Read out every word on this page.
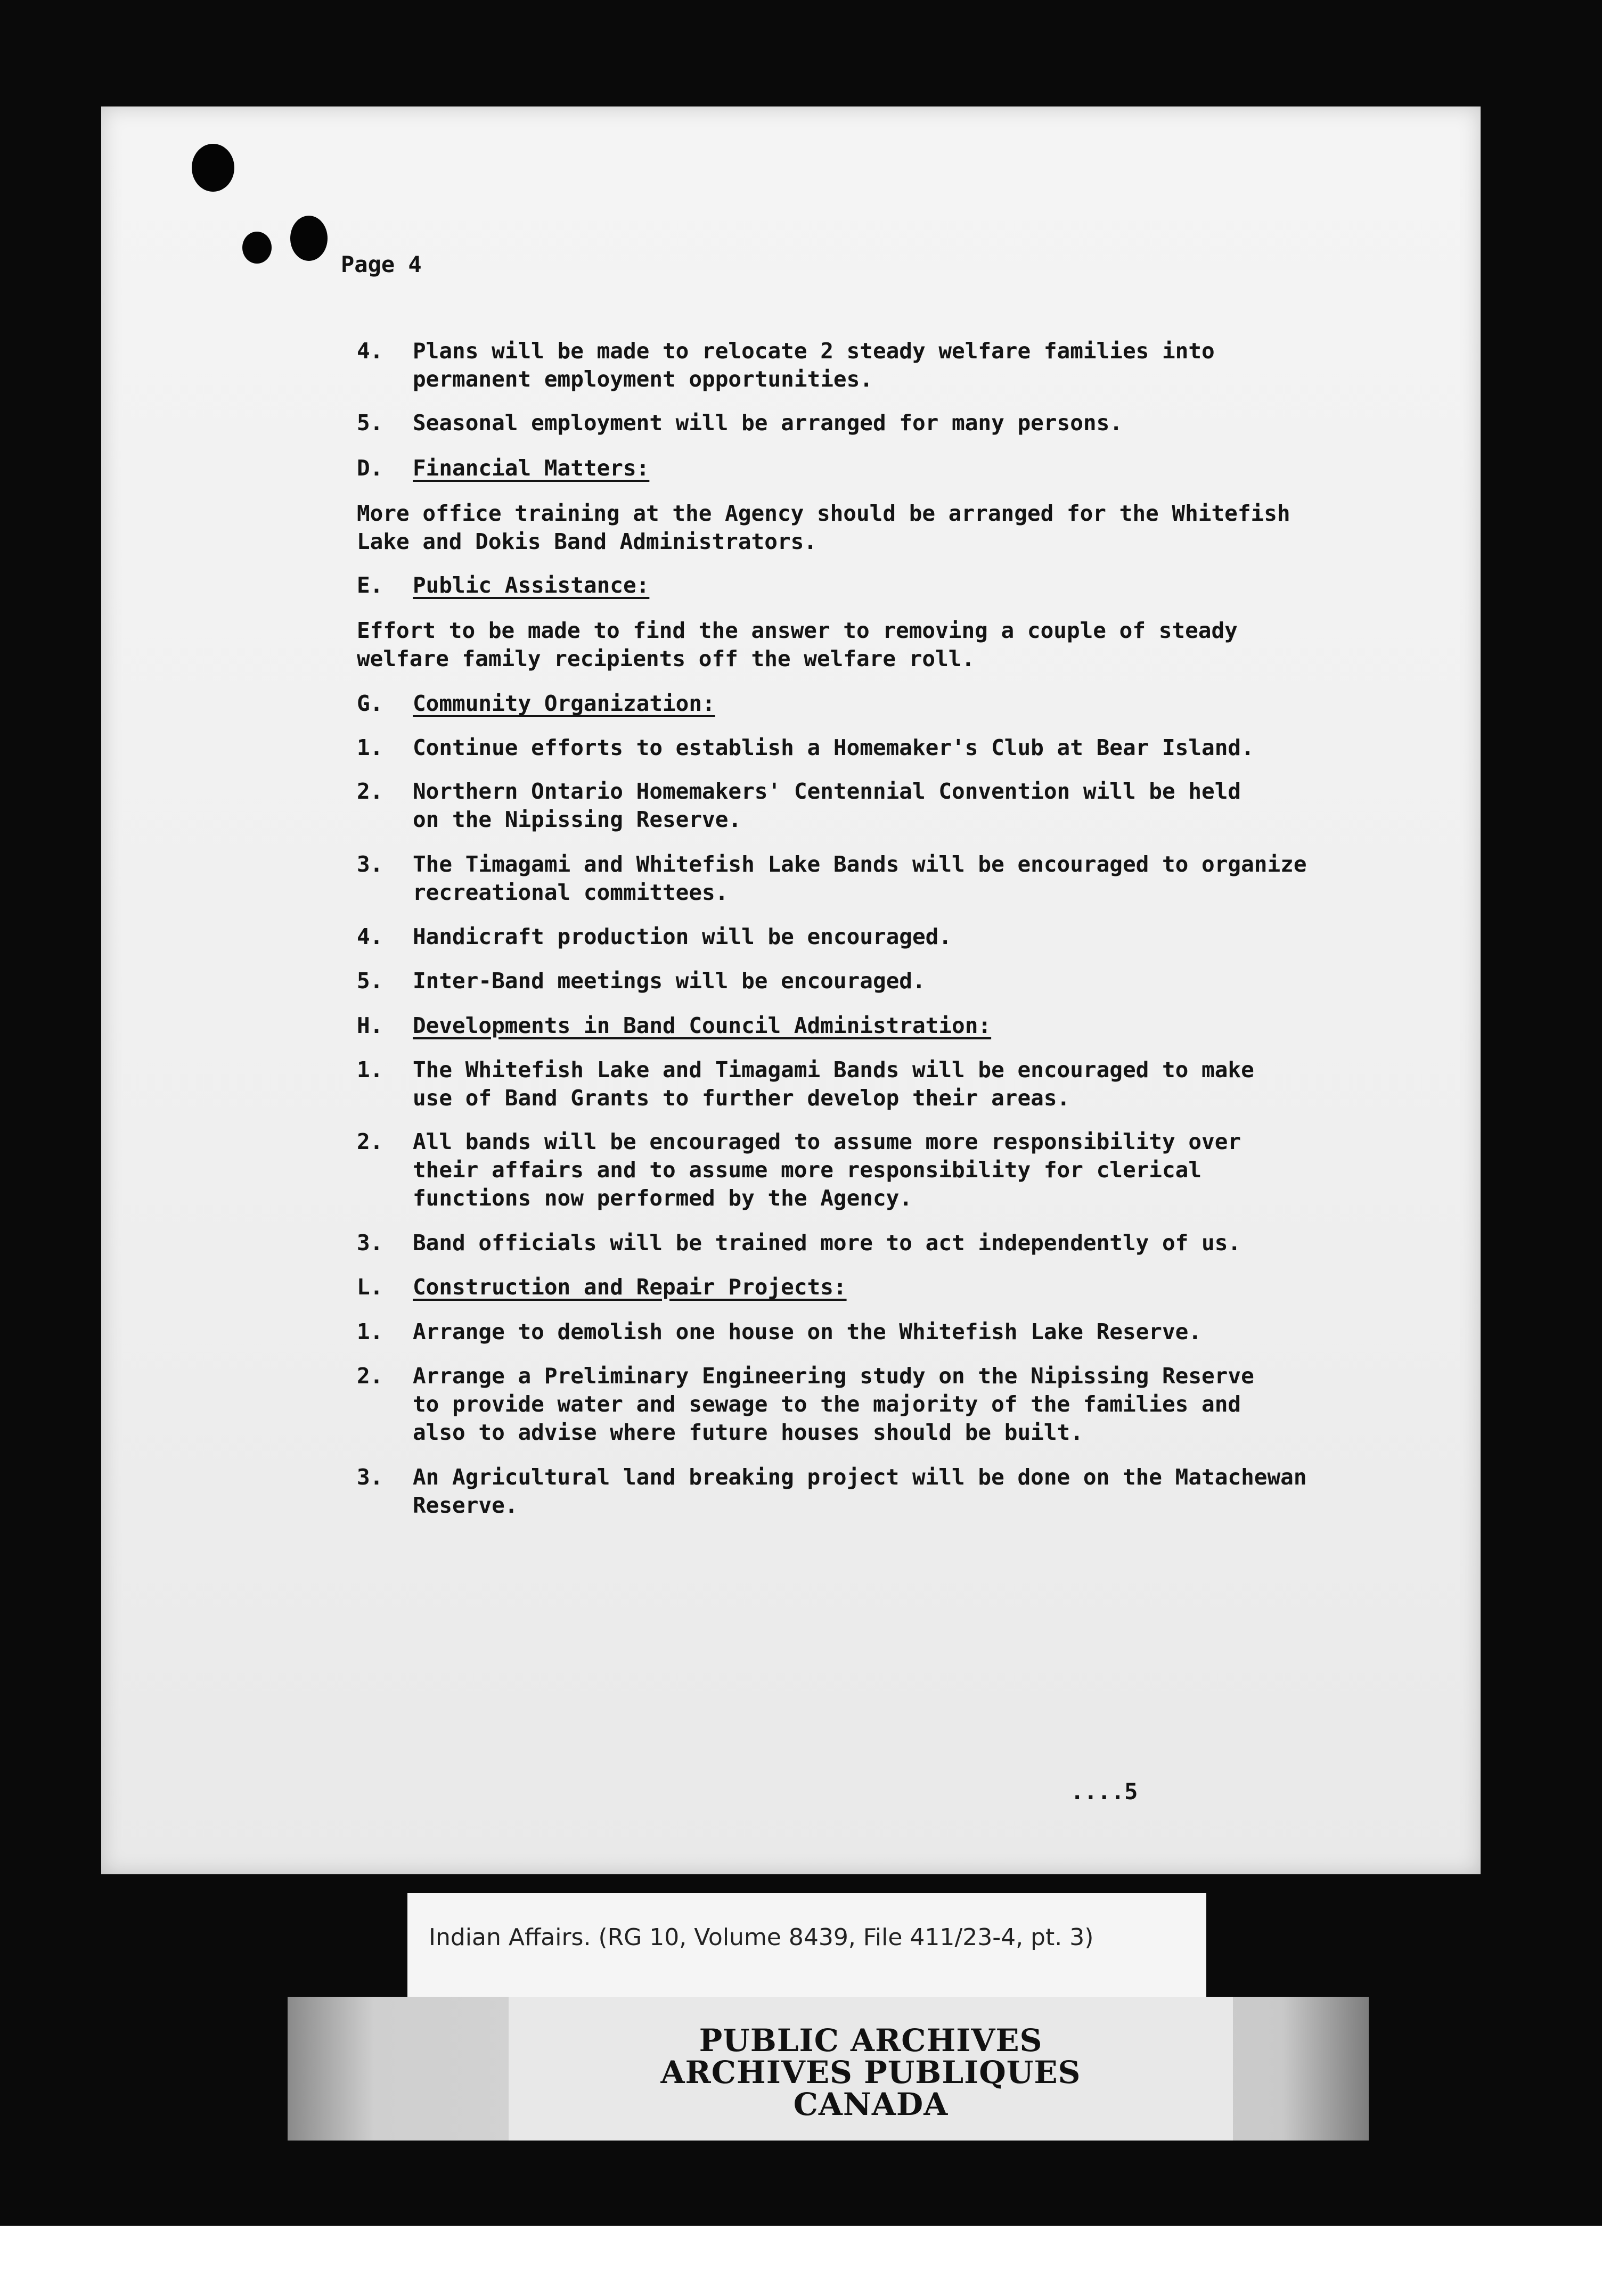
Page 4
4. Plans will be made to relocate 2 steady welfare families into
permanent employment opportunities.
5. Seasonal employment will be arranged for many persons.
D. Financial Matters:
More office training at the Agency should be arranged for the Whitefish
Lake and Dokis Band Administrators.
E. Public Assistance:
Effort to be made to find the answer to removing a couple of steady
welfare family recipients off the welfare roll.
G. Community Organization:
1. Continue efforts to establish a Homemaker's Club at Bear Island.
2. Northern Ontario Homemakers' Centennial Convention will be held
on the Nipissing Reserve.
3. The Timagami and Whitefish Lake Bands will be encouraged to organize
recreational committees.
4. Handicraft production will be encouraged.
5. Inter-Band meetings will be encouraged.
H. Developments in Band Council Administration:
1. The Whitefish Lake and Timagami Bands will be encouraged to make
use of Band Grants to further develop their areas.
2. All bands will be encouraged to assume more responsibility over
their affairs and to assume more responsibility for clerical
functions now performed by the Agency.
3. Band officials will be trained more to act independently of us.
L. Construction and Repair Projects:
1. Arrange to demolish one house on the Whitefish Lake Reserve.
2. Arrange a Preliminary Engineering study on the Nipissing Reserve
to provide water and sewage to the majority of the families and
also to advise where future houses should be built.
3. An Agricultural land breaking project will be done on the Matachewan
Reserve.
....5
Indian Affairs. (RG 10, Volume 8439, File 411/23-4, pt. 3)
PUBLIC ARCHIVES
ARCHIVES PUBLIQUES
CANADA
